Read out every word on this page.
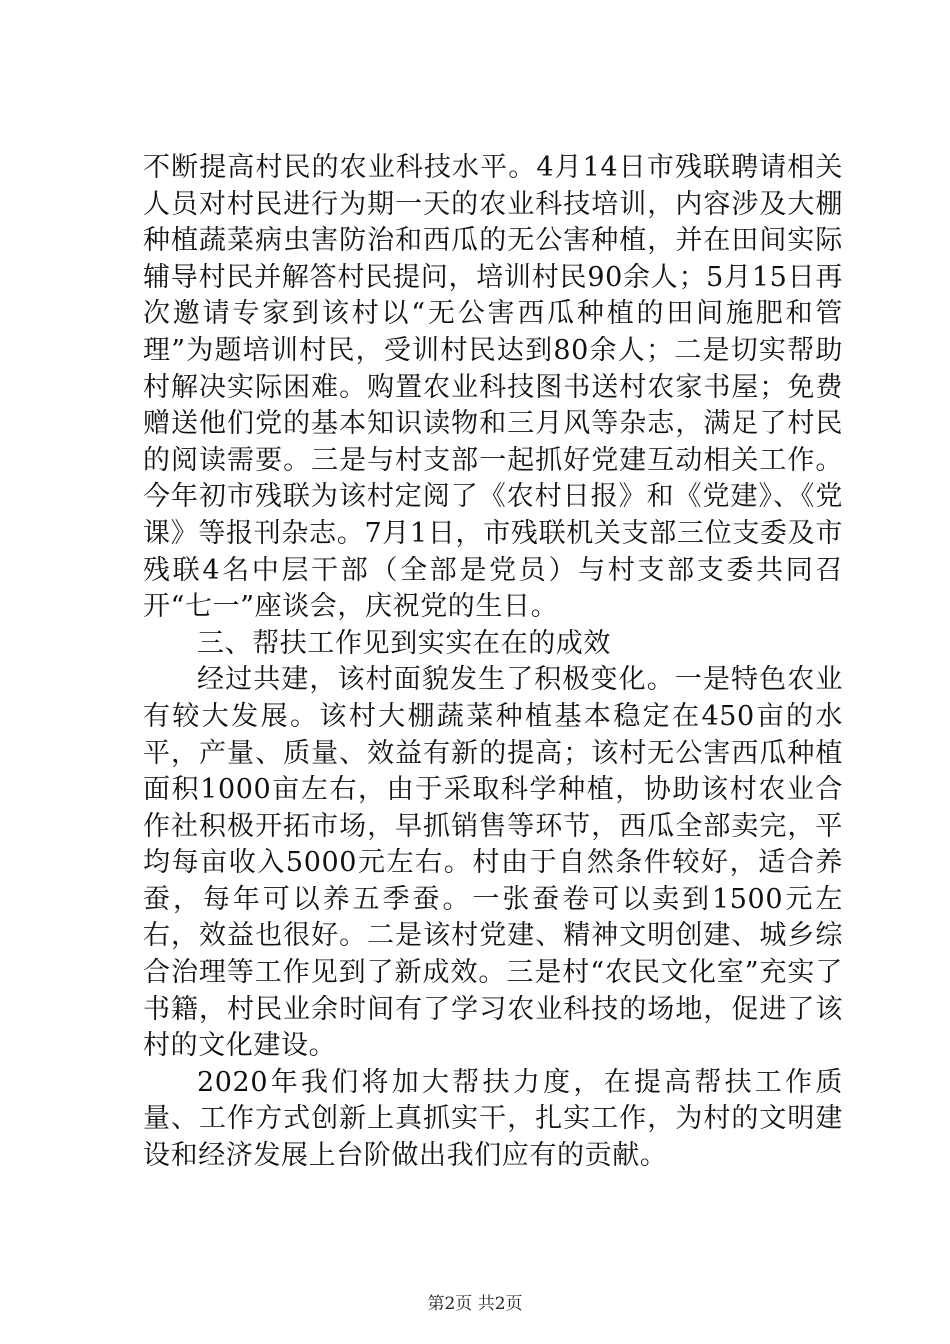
不断提高村民的农业科技水平。4月14日市残联聘请相关人员对村民进行为期一天的农业科技培训，内容涉及大棚种植蔬菜病虫害防治和西瓜的无公害种植，并在田间实际辅导村民并解答村民提问，培训村民90余人；5月15日再次邀请专家到该村以“无公害西瓜种植的田间施肥和管理”为题培训村民，受训村民达到80余人；二是切实帮助村解决实际困难。购置农业科技图书送村农家书屋；免费赠送他们党的基本知识读物和三月风等杂志，满足了村民的阅读需要。三是与村支部一起抓好党建互动相关工作。今年初市残联为该村定阅了《农村日报》和《党建》、《党课》等报刊杂志。7月1日，市残联机关支部三位支委及市残联4名中层干部（全部是党员）与村支部支委共同召开“七一”座谈会，庆祝党的生日。

三、帮扶工作见到实实在在的成效

经过共建，该村面貌发生了积极变化。一是特色农业有较大发展。该村大棚蔬菜种植基本稳定在450亩的水平，产量、质量、效益有新的提高；该村无公害西瓜种植面积1000亩左右，由于采取科学种植，协助该村农业合作社积极开拓市场，早抓销售等环节，西瓜全部卖完，平均每亩收入5000元左右。村由于自然条件较好，适合养蚕，每年可以养五季蚕。一张蚕卷可以卖到1500元左右，效益也很好。二是该村党建、精神文明创建、城乡综合治理等工作见到了新成效。三是村“农民文化室”充实了书籍，村民业余时间有了学习农业科技的场地，促进了该村的文化建设。

2020年我们将加大帮扶力度，在提高帮扶工作质量、工作方式创新上真抓实干，扎实工作，为村的文明建设和经济发展上台阶做出我们应有的贡献。

第2页 共2页
